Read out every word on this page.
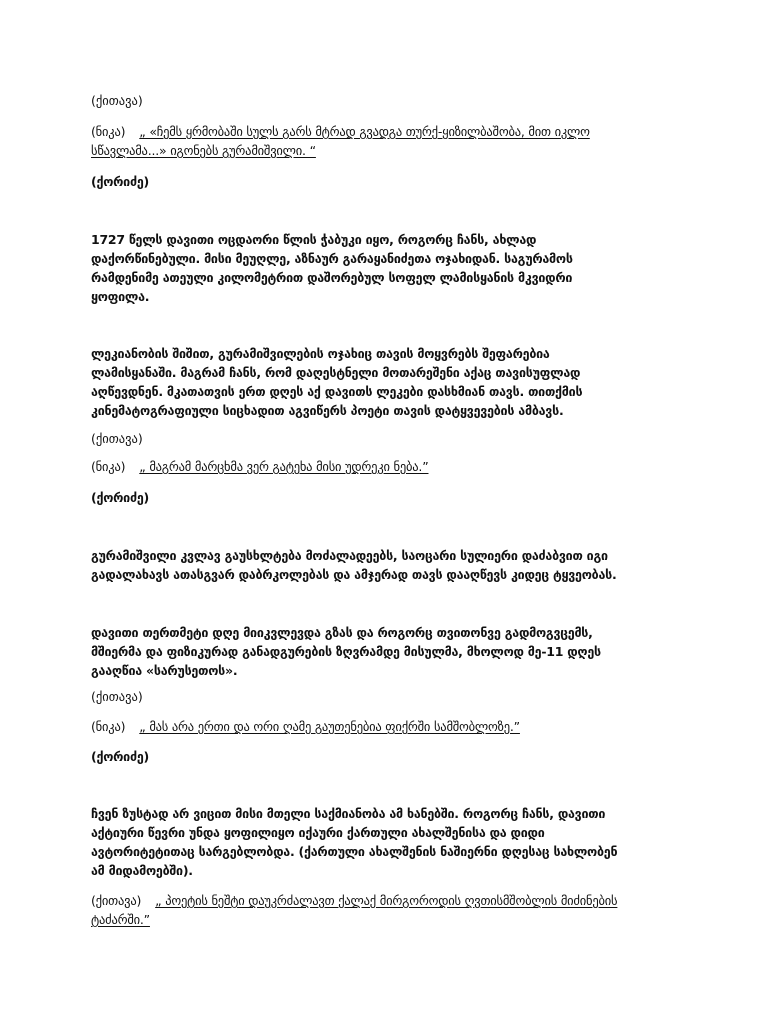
(ქითავა)
(ნიკა) „ «ჩემს ყრმობაში სულს გარს მტრად გვადგა თურქ-ყიზილბაშობა, მით იკლო
სწავლამა...» იგონებს გურამიშვილი. “
(ქორიძე)
1727 წელს დავითი ოცდაორი წლის ჭაბუკი იყო, როგორც ჩანს, ახლად
დაქორწინებული. მისი მეუღლე, აზნაურ გარაყანიძეთა ოჯახიდან. საგურამოს
რამდენიმე ათეული კილომეტრით დაშორებულ სოფელ ლამისყანის მკვიდრი
ყოფილა.
ლეკიანობის შიშით, გურამიშვილების ოჯახიც თავის მოყვრებს შეფარებია
ლამისყანაში. მაგრამ ჩანს, რომ დაღესტნელი მოთარეშენი აქაც თავისუფლად
აღწევდნენ. მკათათვის ერთ დღეს აქ დავითს ლეკები დასხმიან თავს. თითქმის
კინემატოგრაფიული სიცხადით აგვიწერს პოეტი თავის დატყვევების ამბავს.
(ქითავა)
(ნიკა) „ მაგრამ მარცხმა ვერ გატეხა მისი უდრეკი ნება.”
(ქორიძე)
გურამიშვილი კვლავ გაუსხლტება მოძალადეებს, საოცარი სულიერი დაძაბვით იგი
გადალახავს ათასგვარ დაბრკოლებას და ამჯერად თავს დააღწევს კიდეც ტყვეობას.
დავითი თერთმეტი დღე მიიკვლევდა გზას და როგორც თვითონვე გადმოგვცემს,
მშიერმა და ფიზიკურად განადგურების ზღვრამდე მისულმა, მხოლოდ მე-11 დღეს
გააღწია «სარუსეთოს».
(ქითავა)
(ნიკა) „ მას არა ერთი და ორი ღამე გაუთენებია ფიქრში სამშობლოზე.”
(ქორიძე)
ჩვენ ზუსტად არ ვიცით მისი მთელი საქმიანობა ამ ხანებში. როგორც ჩანს, დავითი
აქტიური წევრი უნდა ყოფილიყო იქაური ქართული ახალშენისა და დიდი
ავტორიტეტითაც სარგებლობდა. (ქართული ახალშენის ნაშიერნი დღესაც სახლობენ
ამ მიდამოებში).
(ქითავა) „ პოეტის ნეშტი დაუკრძალავთ ქალაქ მირგოროდის ღვთისმშობლის მიძინების
ტაძარში.”
